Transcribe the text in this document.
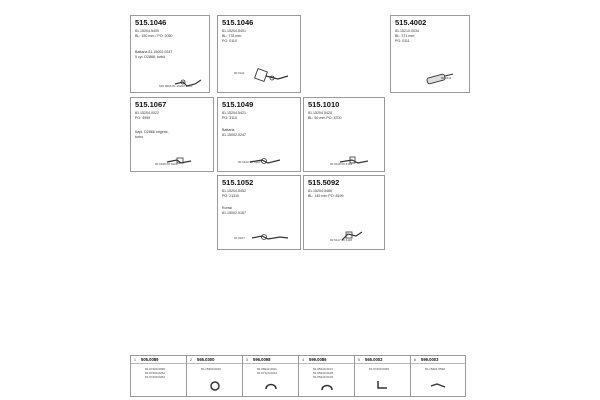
515.1046
81.15204.5400
BL: 150 mm / PO: 2050
Battaria 81.15002.0247
5 cyl. D2866, turbo
515.0095 81.15202.0083
515.1046
81.15204.5401
BL: 778 mm
PO: 0110
00 6111
515.4002
81.15210.0034
BL: 371 mm
PO: 0111
00 6111
515.1067
81.15204.0022
PO: 4999
Kapl. D2866 origens,
turbo
00 6105 00 6106
515.1049
81.15204.5421
PO: 3110
Battaria
81.15002.0247
00 6102 00 6103
515.1010
81.15204.5420
BL: 50 mm PO: 4700
00 6118 00 6119
515.1052
81.15204.5452
PO: 21310
Rorrai
81.15002.0167
00 6107
515.5092
81.15204.5466
BL: 145 mm PO: 8199
00 6117 00 6118
1 505.0089
81.97409.0095
81.97409.0252
81.97409.0262
2 565.0300
81.15300.0010
3 596.0098
81.96942.0011
81.97120.0012
4 599.0086
81.95240.0107
81.95240.0108
81.95240.0109
5 565.0002
81.97409.5045
6 599.0003
81.15201.5530
